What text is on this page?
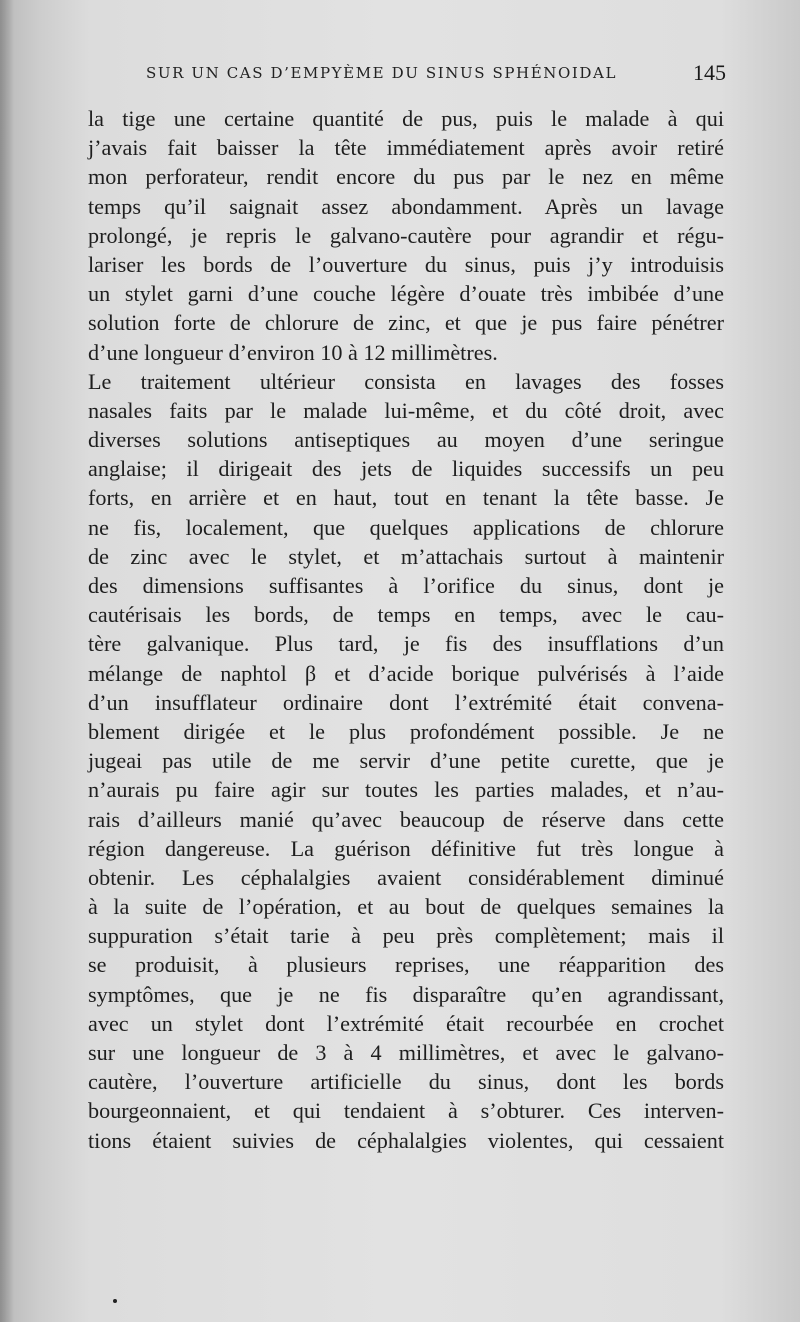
SUR UN CAS D’EMPYÈME DU SINUS SPHÉNOIDAL	145
la tige une certaine quantité de pus, puis le malade à qui
j’avais fait baisser la tête immédiatement après avoir retiré
mon perforateur, rendit encore du pus par le nez en même
temps qu’il saignait assez abondamment. Après un lavage
prolongé, je repris le galvano-cautère pour agrandir et régu-
lariser les bords de l’ouverture du sinus, puis j’y introduisis
un stylet garni d’une couche légère d’ouate très imbibée d’une
solution forte de chlorure de zinc, et que je pus faire pénétrer
d’une longueur d’environ 10 à 12 millimètres.
Le traitement ultérieur consista en lavages des fosses
nasales faits par le malade lui-même, et du côté droit, avec
diverses solutions antiseptiques au moyen d’une seringue
anglaise; il dirigeait des jets de liquides successifs un peu
forts, en arrière et en haut, tout en tenant la tête basse. Je
ne fis, localement, que quelques applications de chlorure
de zinc avec le stylet, et m’attachais surtout à maintenir
des dimensions suffisantes à l’orifice du sinus, dont je
cautérisais les bords, de temps en temps, avec le cau-
tère galvanique. Plus tard, je fis des insufflations d’un
mélange de naphtol β et d’acide borique pulvérisés à l’aide
d’un insufflateur ordinaire dont l’extrémité était convena-
blement dirigée et le plus profondément possible. Je ne
jugeai pas utile de me servir d’une petite curette, que je
n’aurais pu faire agir sur toutes les parties malades, et n’au-
rais d’ailleurs manié qu’avec beaucoup de réserve dans cette
région dangereuse. La guérison définitive fut très longue à
obtenir. Les céphalalgies avaient considérablement diminué
à la suite de l’opération, et au bout de quelques semaines la
suppuration s’était tarie à peu près complètement; mais il
se produisit, à plusieurs reprises, une réapparition des
symptômes, que je ne fis disparaître qu’en agrandissant,
avec un stylet dont l’extrémité était recourbée en crochet
sur une longueur de 3 à 4 millimètres, et avec le galvano-
cautère, l’ouverture artificielle du sinus, dont les bords
bourgeonnaient, et qui tendaient à s’obturer. Ces interven-
tions étaient suivies de céphalalgies violentes, qui cessaient
